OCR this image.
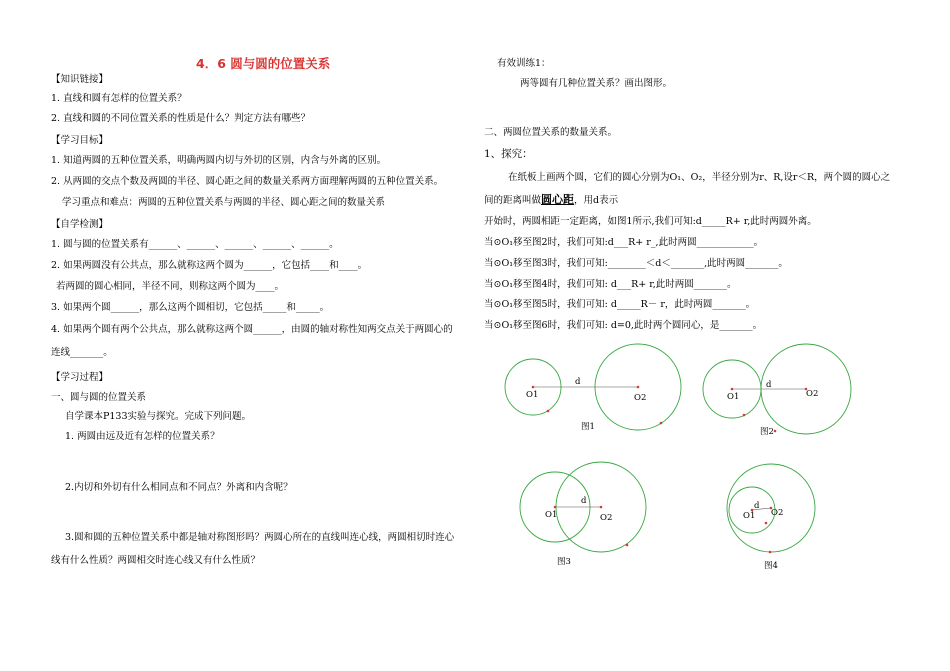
4．6 圆与圆的位置关系
【知识链接】
1. 直线和圆有怎样的位置关系？
2. 直线和圆的不同位置关系的性质是什么？判定方法有哪些？
【学习目标】
1. 知道两圆的五种位置关系，明确两圆内切与外切的区别，内含与外离的区别。
2. 从两圆的交点个数及两圆的半径、圆心距之间的数量关系两方面理解两圆的五种位置关系。
学习重点和难点：两圆的五种位置关系与两圆的半径、圆心距之间的数量关系
【自学检测】
1. 圆与圆的位置关系有______、______、______、______、______。
2. 如果两圆没有公共点，那么就称这两个圆为______，它包括____和____。
若两圆的圆心相同，半径不同，则称这两个圆为____。
3. 如果两个圆______，那么这两个圆相切，它包括_____和_____。
4. 如果两个圆有两个公共点，那么就称这两个圆______，由圆的轴对称性知两交点关于两圆心的
连线_______。
【学习过程】
一、圆与圆的位置关系
自学课本P133实验与探究。完成下列问题。
1. 两圆由远及近有怎样的位置关系？
2.内切和外切有什么相同点和不同点？外离和内含呢？
3.圆和圆的五种位置关系中都是轴对称图形吗？两圆心所在的直线叫连心线，两圆相切时连心
线有什么性质？两圆相交时连心线又有什么性质？
有效训练1：
两等圆有几种位置关系？画出图形。
二、两圆位置关系的数量关系。
1、探究：
在纸板上画两个圆，它们的圆心分别为O₁、O₂，半径分别为r、R,设r＜R，两个圆的圆心之
间的距离叫做圆心距，用d表示
开始时，两圆相距一定距离，如图1所示,我们可知:d_____R+ r,此时两圆外离。
当⊙O₁移至图2时，我们可知:d___R+ r_,此时两圆____________。
当⊙O₁移至图3时，我们可知:________＜d＜_______,此时两圆_______。
当⊙O₁移至图4时，我们可知: d___R+ r,此时两圆_______。
当⊙O₁移至图5时，我们可知: d_____R－ r，此时两圆_______。
当⊙O₁移至图6时，我们可知: d=0,此时两个圆同心，是_______。
d
O1	O2
图1
d
O1	O2
图2
d
O1	O2
图3
d
O1 O2
图4
